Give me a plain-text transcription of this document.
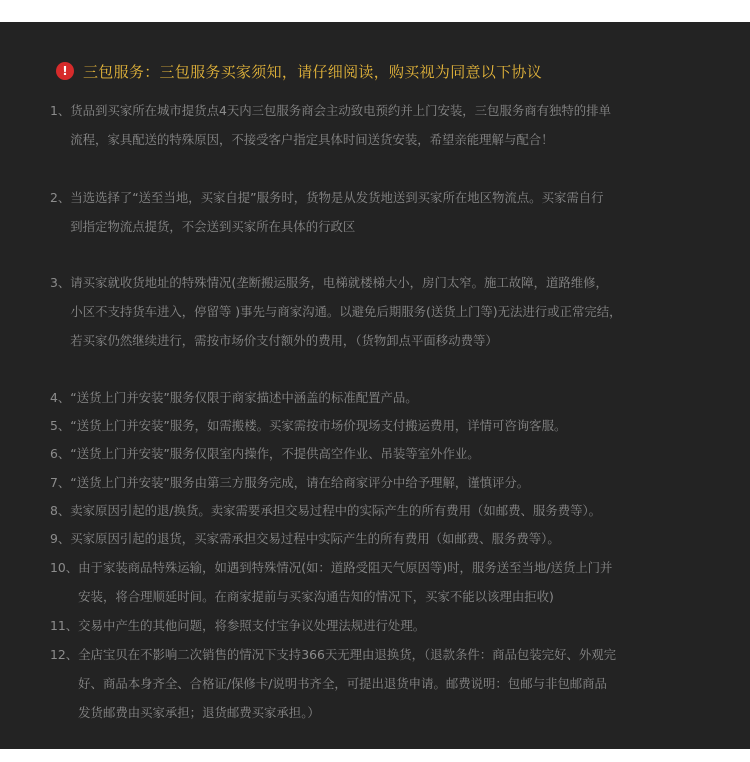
!	三包服务：三包服务买家须知，请仔细阅读，购买视为同意以下协议
1、 货品到买家所在城市提货点4天内三包服务商会主动致电预约并上门安装，三包服务商有独特的排单
流程，家具配送的特殊原因，不接受客户指定具体时间送货安装，希望亲能理解与配合！
2、 当选选择了“送至当地，买家自提”服务时，货物是从发货地送到买家所在地区物流点。买家需自行
到指定物流点提货，不会送到买家所在具体的行政区
3、 请买家就收货地址的特殊情况(垄断搬运服务，电梯就楼梯大小，房门太窄。施工故障，道路维修，
小区不支持货车进入，停留等 )事先与商家沟通。以避免后期服务(送货上门等)无法进行或正常完结，
若买家仍然继续进行，需按市场价支付额外的费用，（货物卸点平面移动费等）
4、 “送货上门并安装”服务仅限于商家描述中涵盖的标准配置产品。
5、 “送货上门并安装”服务，如需搬楼。买家需按市场价现场支付搬运费用，详情可咨询客服。
6、 “送货上门并安装”服务仅限室内操作，不提供高空作业、吊装等室外作业。
7、 “送货上门并安装”服务由第三方服务完成，请在给商家评分中给予理解，谨慎评分。
8、 卖家原因引起的退/换货。卖家需要承担交易过程中的实际产生的所有费用（如邮费、服务费等）。
9、 买家原因引起的退货，买家需承担交易过程中实际产生的所有费用（如邮费、服务费等）。
10、 由于家装商品特殊运输，如遇到特殊情况(如：道路受阻天气原因等)时，服务送至当地/送货上门并
安装，将合理顺延时间。在商家提前与买家沟通告知的情况下，买家不能以该理由拒收)
11、 交易中产生的其他问题，将参照支付宝争议处理法规进行处理。
12、 全店宝贝在不影响二次销售的情况下支持366天无理由退换货，（退款条件：商品包装完好、外观完
好、商品本身齐全、合格证/保修卡/说明书齐全，可提出退货申请。邮费说明：包邮与非包邮商品
发货邮费由买家承担；退货邮费买家承担。）
